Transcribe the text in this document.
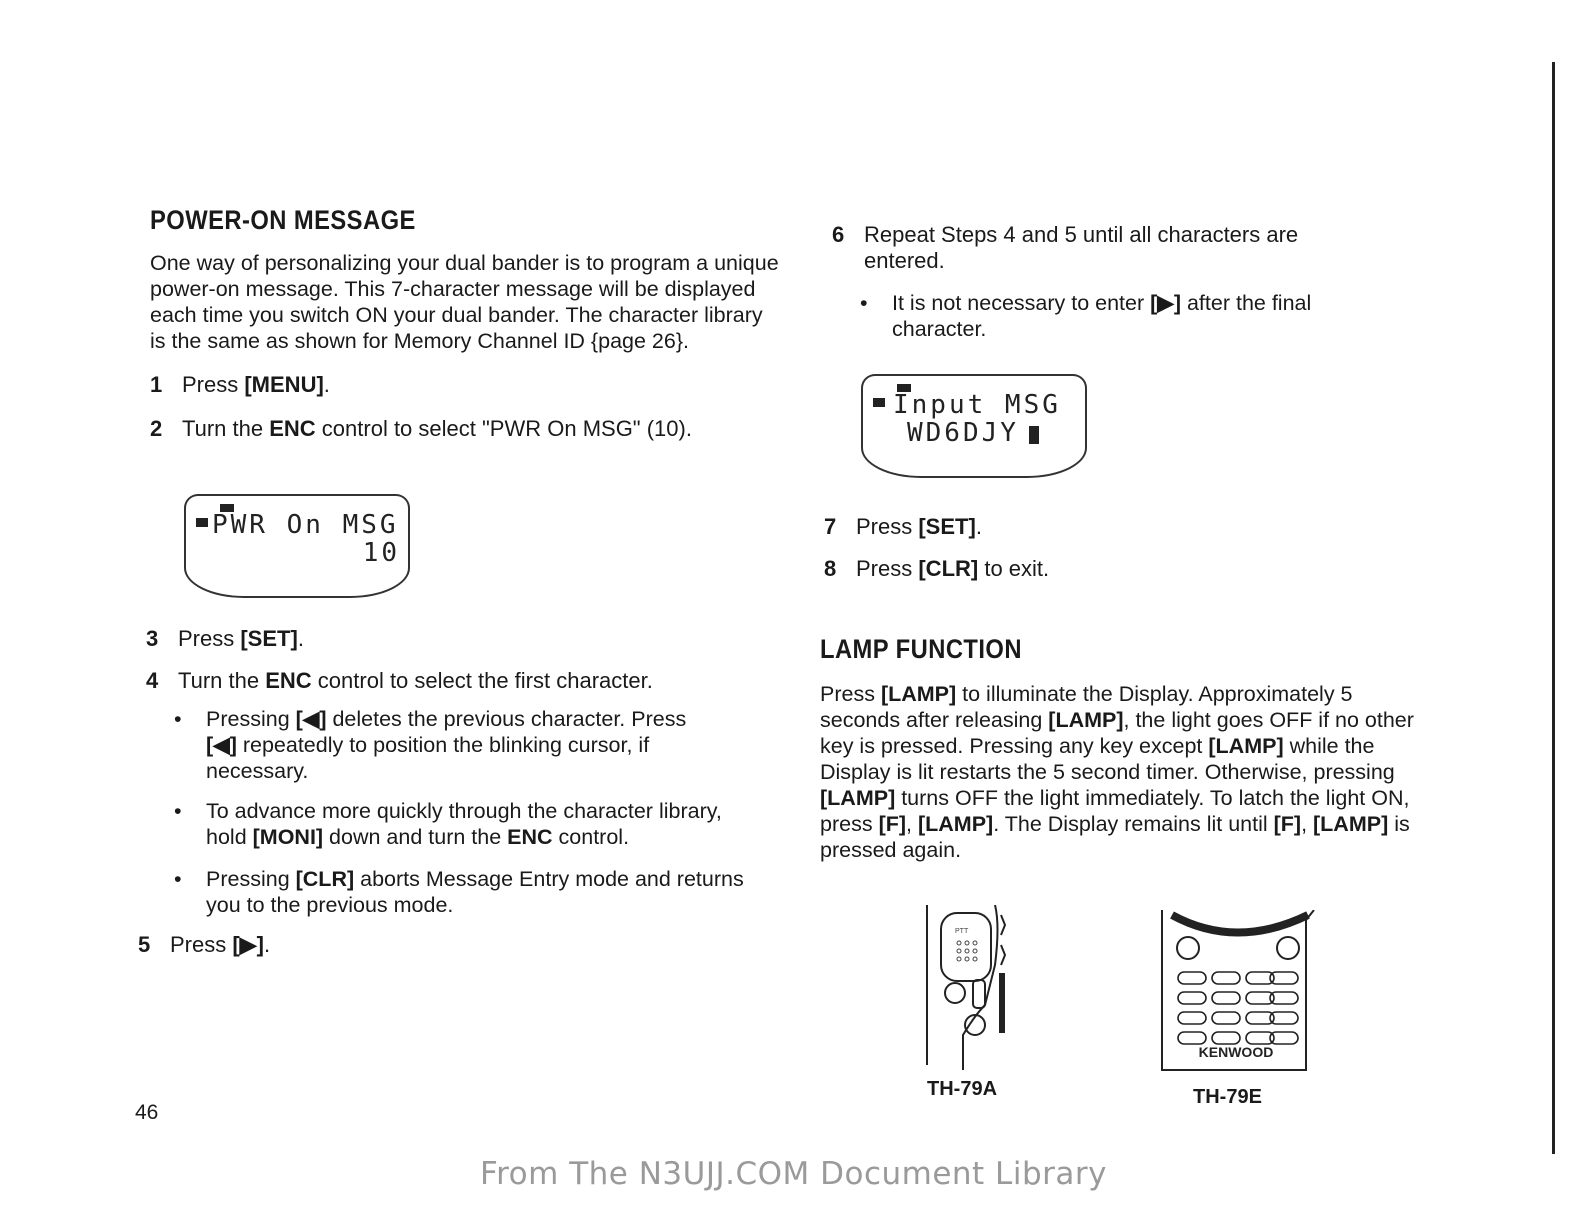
POWER-ON MESSAGE

One way of personalizing your dual bander is to program a unique power-on message. This 7-character message will be displayed each time you switch ON your dual bander. The character library is the same as shown for Memory Channel ID {page 26}.

1 Press [MENU].
2 Turn the ENC control to select "PWR On MSG" (10).
PWR On MSG
10
3 Press [SET].
4 Turn the ENC control to select the first character.
• Pressing [◀] deletes the previous character. Press [◀] repeatedly to position the blinking cursor, if necessary.
• To advance more quickly through the character library, hold [MONI] down and turn the ENC control.
• Pressing [CLR] aborts Message Entry mode and returns you to the previous mode.
5 Press [▶].
6 Repeat Steps 4 and 5 until all characters are entered.
• It is not necessary to enter [▶] after the final character.
Input MSG
WD6DJY
7 Press [SET].
8 Press [CLR] to exit.
LAMP FUNCTION

Press [LAMP] to illuminate the Display. Approximately 5 seconds after releasing [LAMP], the light goes OFF if no other key is pressed. Pressing any key except [LAMP] while the Display is lit restarts the 5 second timer. Otherwise, pressing [LAMP] turns OFF the light immediately. To latch the light ON, press [F], [LAMP]. The Display remains lit until [F], [LAMP] is pressed again.

PTT
TH-79A
KENWOOD
TH-79E
46
From The N3UJJ.COM Document Library
